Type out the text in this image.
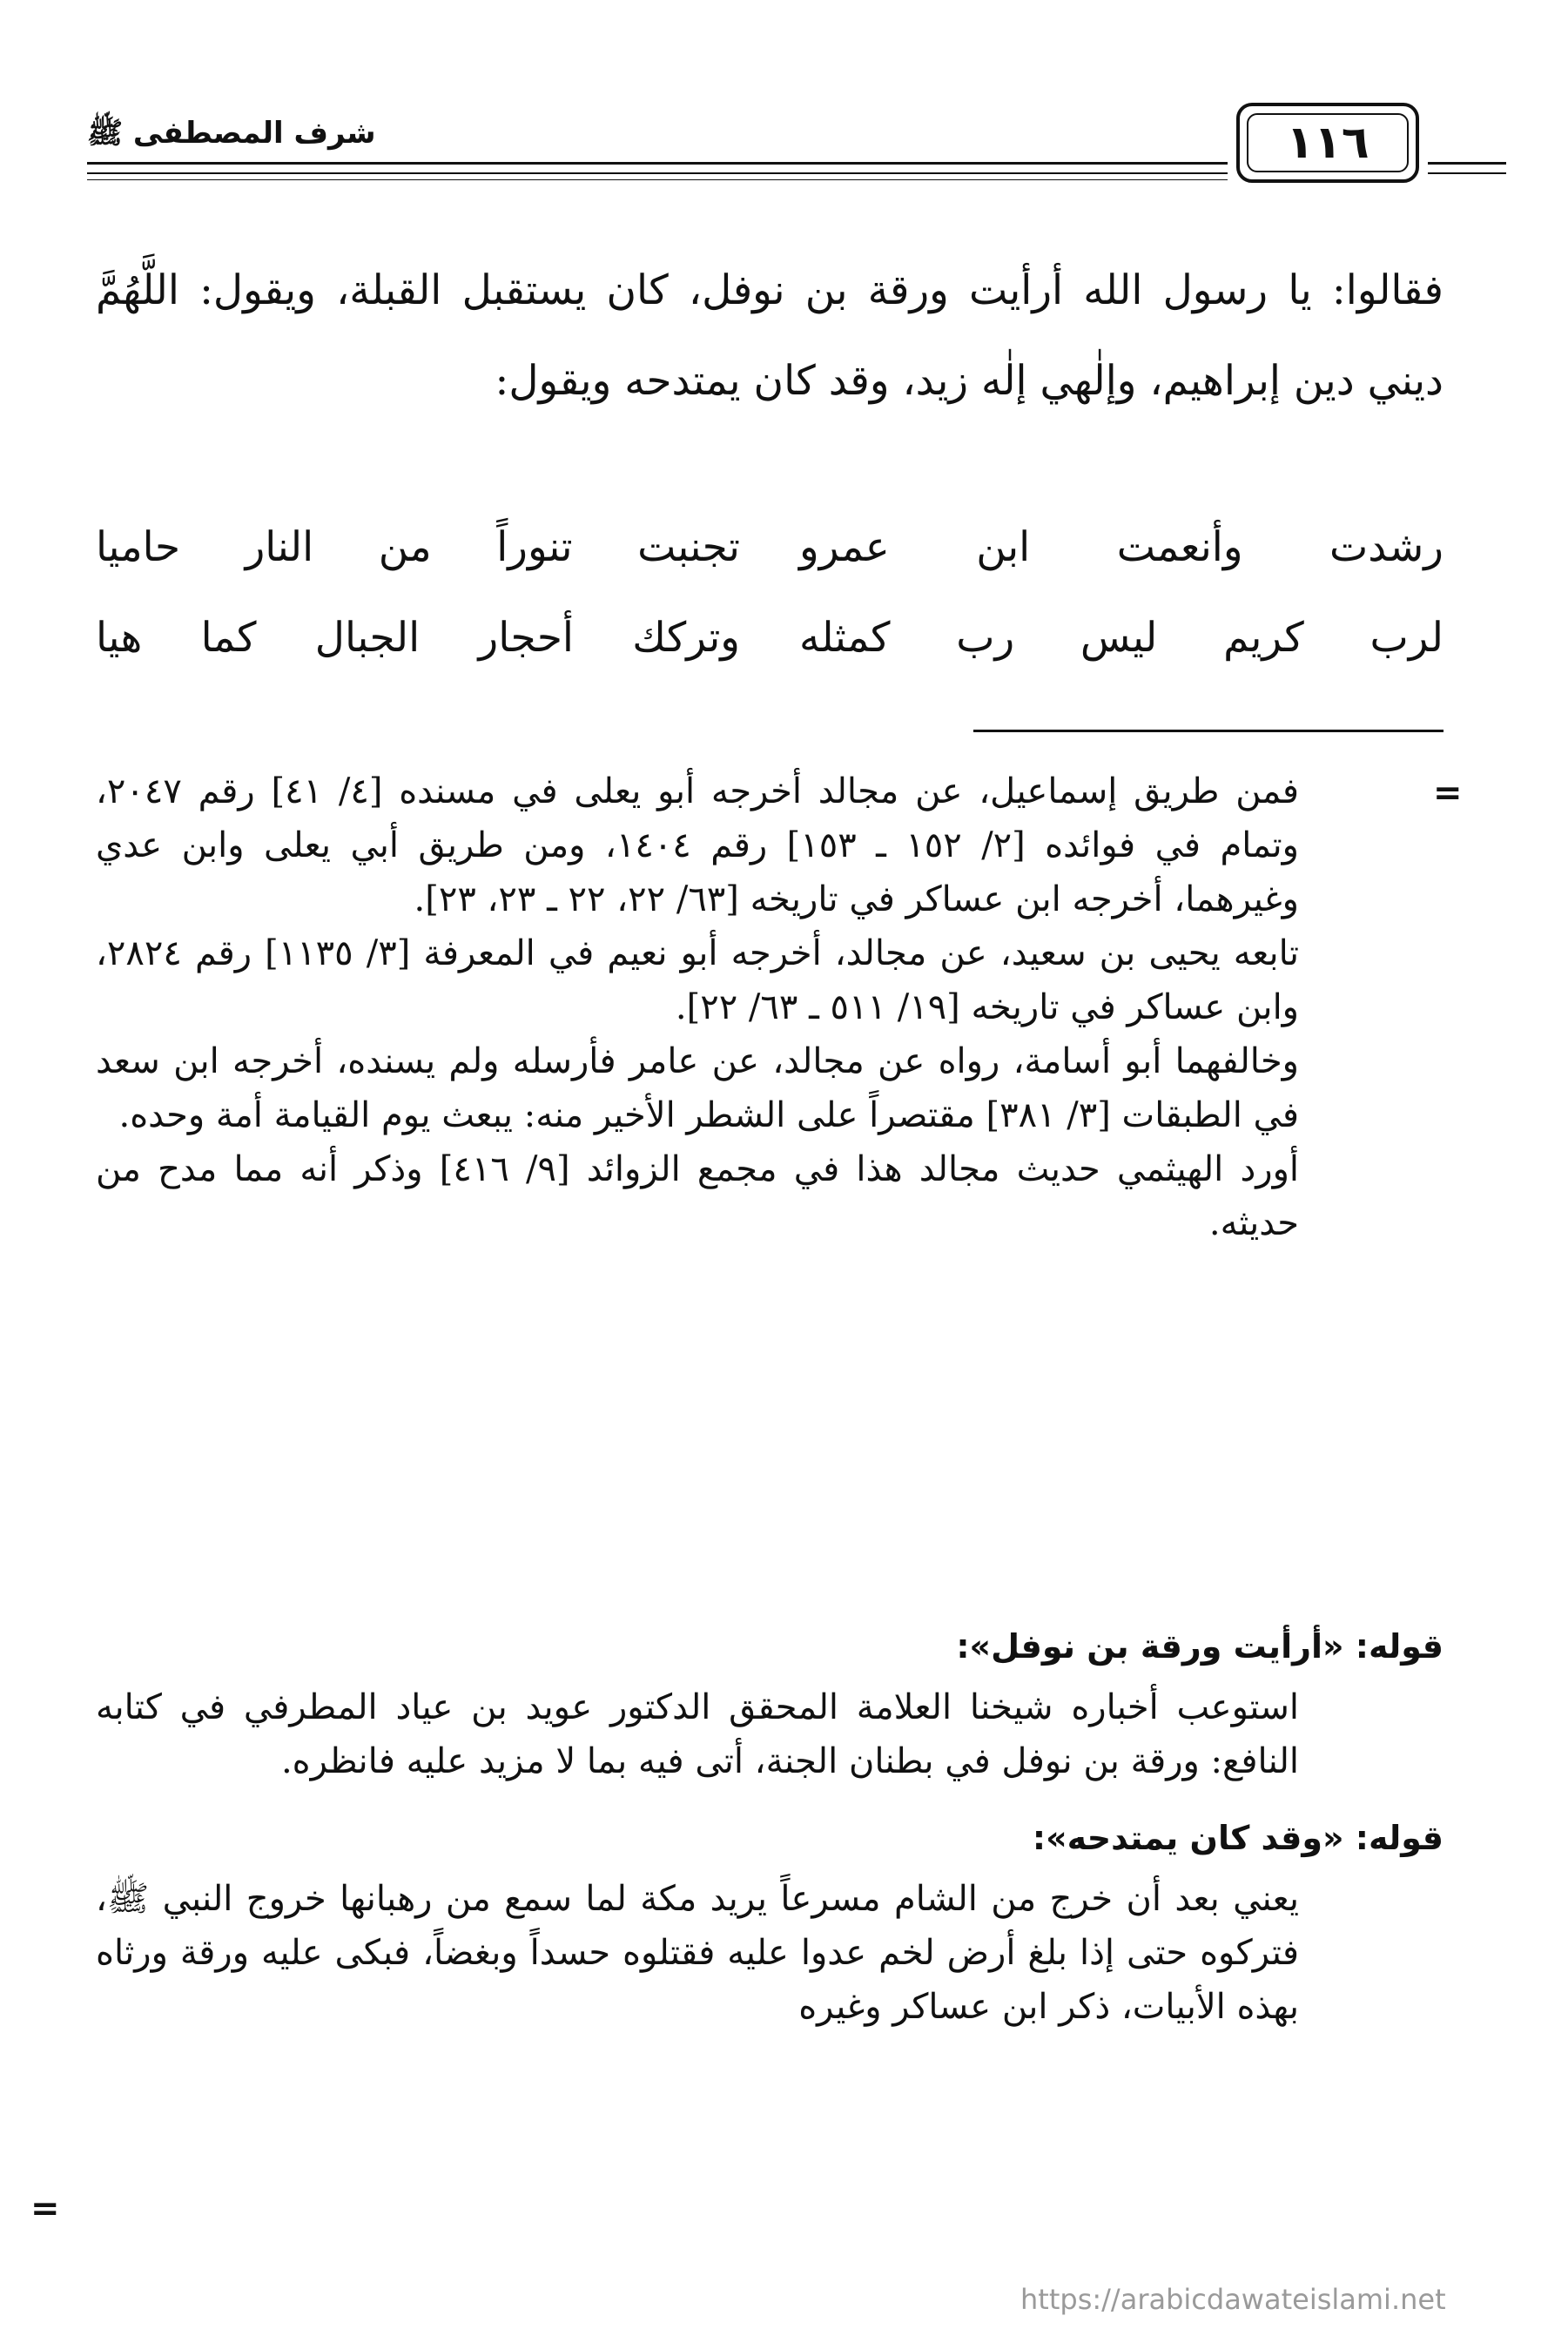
شرف المصطفى ﷺ	١١٦

فقالوا: يا رسول الله أرأيت ورقة بن نوفل، كان يستقبل القبلة، ويقول: اللَّهُمَّ ديني دين إبراهيم، وإلٰهي إلٰه زيد، وقد كان يمتدحه ويقول:

رشدت وأنعمت ابن عمرو
تجنبت تنوراً من النار حاميا
لرب كريم ليس رب كمثله
وتركك أحجار الجبال كما هيا
=

فمن طريق إسماعيل، عن مجالد أخرجه أبو يعلى في مسنده [٤/ ٤١] رقم ٢٠٤٧، وتمام في فوائده [٢/ ١٥٢ ـ ١٥٣] رقم ١٤٠٤، ومن طريق أبي يعلى وابن عدي وغيرهما، أخرجه ابن عساكر في تاريخه [٦٣/ ٢٢، ٢٢ ـ ٢٣، ٢٣].

تابعه يحيى بن سعيد، عن مجالد، أخرجه أبو نعيم في المعرفة [٣/ ١١٣٥] رقم ٢٨٢٤، وابن عساكر في تاريخه [١٩/ ٥١١ ـ ٦٣/ ٢٢].

وخالفهما أبو أسامة، رواه عن مجالد، عن عامر فأرسله ولم يسنده، أخرجه ابن سعد في الطبقات [٣/ ٣٨١] مقتصراً على الشطر الأخير منه: يبعث يوم القيامة أمة وحده.

أورد الهيثمي حديث مجالد هذا في مجمع الزوائد [٩/ ٤١٦] وذكر أنه مما مدح من حديثه.

قوله: «أرأيت ورقة بن نوفل»:

استوعب أخباره شيخنا العلامة المحقق الدكتور عويد بن عياد المطرفي في كتابه النافع: ورقة بن نوفل في بطنان الجنة، أتى فيه بما لا مزيد عليه فانظره.

قوله: «وقد كان يمتدحه»:

يعني بعد أن خرج من الشام مسرعاً يريد مكة لما سمع من رهبانها خروج النبي ﷺ، فتركوه حتى إذا بلغ أرض لخم عدوا عليه فقتلوه حسداً وبغضاً، فبكى عليه ورقة ورثاه بهذه الأبيات، ذكر ابن عساكر وغيره

=
https://arabicdawateislami.net
